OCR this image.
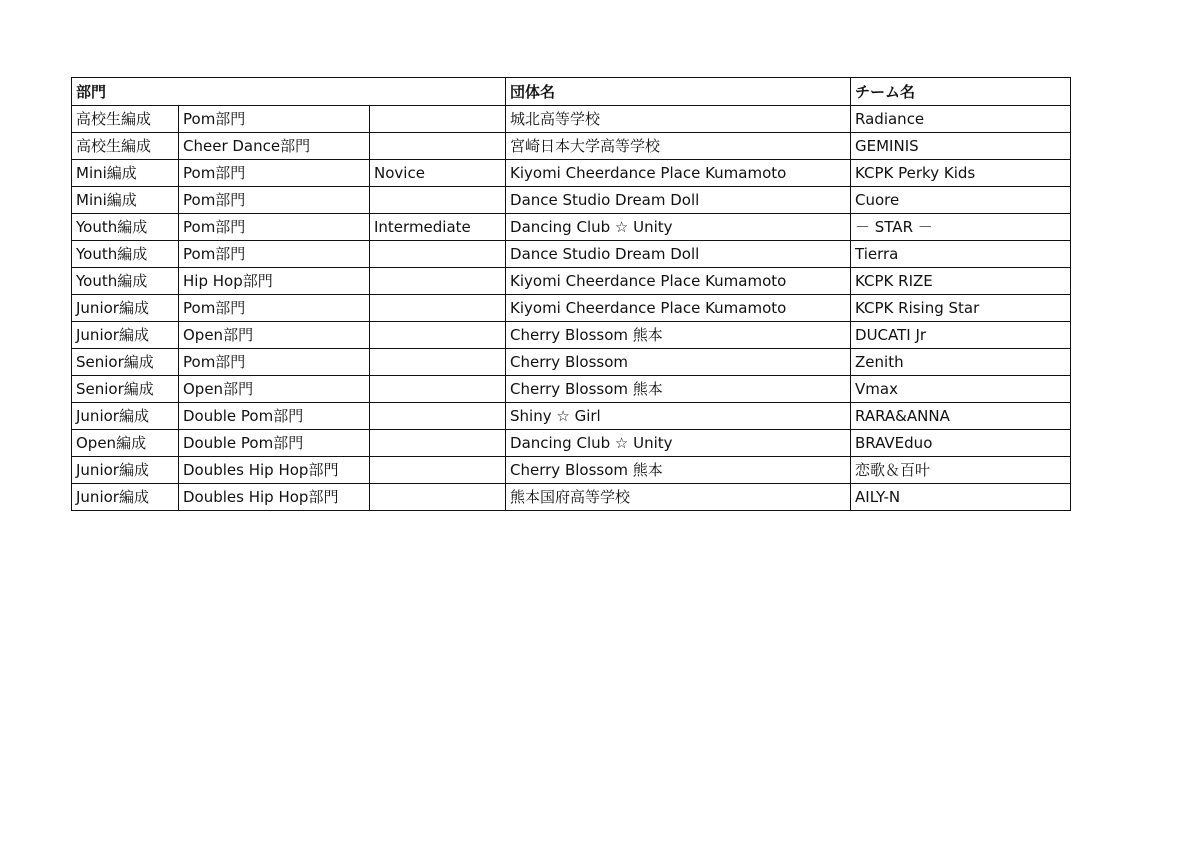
部門			団体名	チーム名
高校生編成	Pom部門		城北高等学校	Radiance
高校生編成	Cheer Dance部門		宮崎日本大学高等学校	GEMINIS
Mini編成	Pom部門	Novice	Kiyomi Cheerdance Place Kumamoto	KCPK Perky Kids
Mini編成	Pom部門		Dance Studio Dream Doll	Cuore
Youth編成	Pom部門	Intermediate	Dancing Club ☆ Unity	－ STAR －
Youth編成	Pom部門		Dance Studio Dream Doll	Tierra
Youth編成	Hip Hop部門		Kiyomi Cheerdance Place Kumamoto	KCPK RIZE
Junior編成	Pom部門		Kiyomi Cheerdance Place Kumamoto	KCPK Rising Star
Junior編成	Open部門		Cherry Blossom 熊本	DUCATI Jr
Senior編成	Pom部門		Cherry Blossom	Zenith
Senior編成	Open部門		Cherry Blossom 熊本	Vmax
Junior編成	Double Pom部門		Shiny ☆ Girl	RARA&ANNA
Open編成	Double Pom部門		Dancing Club ☆ Unity	BRAVEduo
Junior編成	Doubles Hip Hop部門		Cherry Blossom 熊本	恋歌＆百叶
Junior編成	Doubles Hip Hop部門		熊本国府高等学校	AILY-N
